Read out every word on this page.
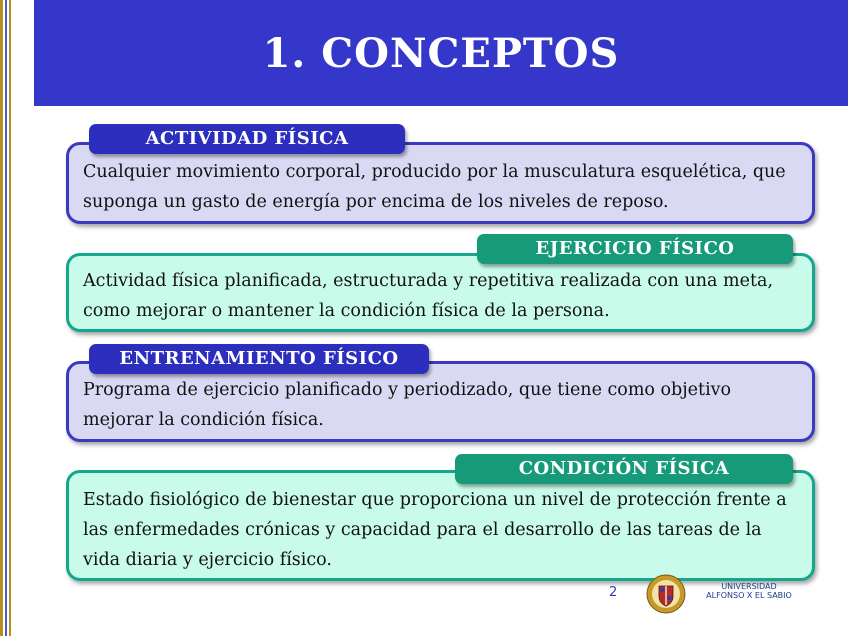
1. CONCEPTOS
Cualquier movimiento corporal, producido por la musculatura esquelética, que suponga un gasto de energía por encima de los niveles de reposo.
ACTIVIDAD FÍSICA
Actividad física planificada, estructurada y repetitiva realizada con una meta, como mejorar o mantener la condición física de la persona.
EJERCICIO FÍSICO
Programa de ejercicio planificado y periodizado, que tiene como objetivo mejorar la condición física.
ENTRENAMIENTO FÍSICO
Estado fisiológico de bienestar que proporciona un nivel de protección frente a las enfermedades crónicas y capacidad para el desarrollo de las tareas de la vida diaria y ejercicio físico.
CONDICIÓN FÍSICA
2	UNIVERSIDAD
ALFONSO X EL SABIO
